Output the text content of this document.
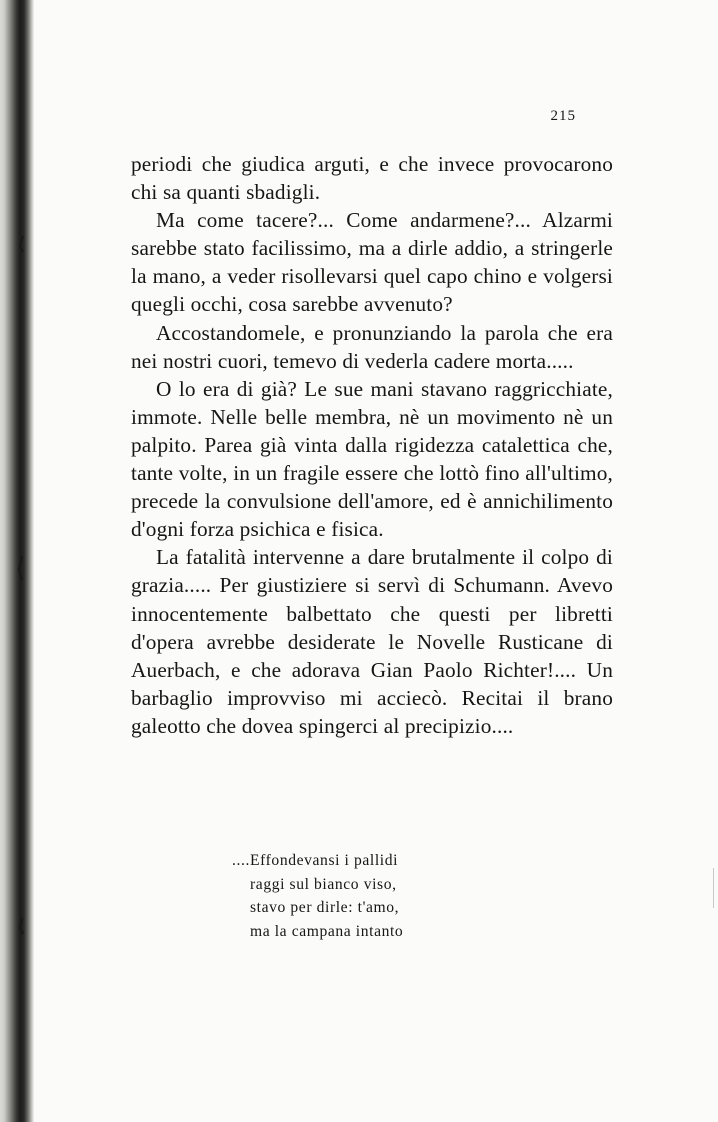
215

periodi che giudica arguti, e che invece provocarono chi sa quanti sbadigli.

Ma come tacere?... Come andarmene?... Alzarmi sarebbe stato facilissimo, ma a dirle addio, a stringerle la mano, a veder risollevarsi quel capo chino e volgersi quegli occhi, cosa sarebbe avvenuto?

Accostandomele, e pronunziando la parola che era nei nostri cuori, temevo di vederla cadere morta.....

O lo era di già? Le sue mani stavano raggricchiate, immote. Nelle belle membra, nè un movimento nè un palpito. Parea già vinta dalla rigidezza catalettica che, tante volte, in un fragile essere che lottò fino all'ultimo, precede la convulsione dell'amore, ed è annichilimento d'ogni forza psichica e fisica.

La fatalità intervenne a dare brutalmente il colpo di grazia..... Per giustiziere si servì di Schumann. Avevo innocentemente balbettato che questi per libretti d'opera avrebbe desiderate le Novelle Rusticane di Auerbach, e che adorava Gian Paolo Richter!.... Un barbaglio improvviso mi accieсò. Recitai il brano galeotto che dovea spingerci al precipizio....

....Effondevansi i pallidi
raggi sul bianco viso,
stavo per dirle: t'amo,
ma la campana intanto
